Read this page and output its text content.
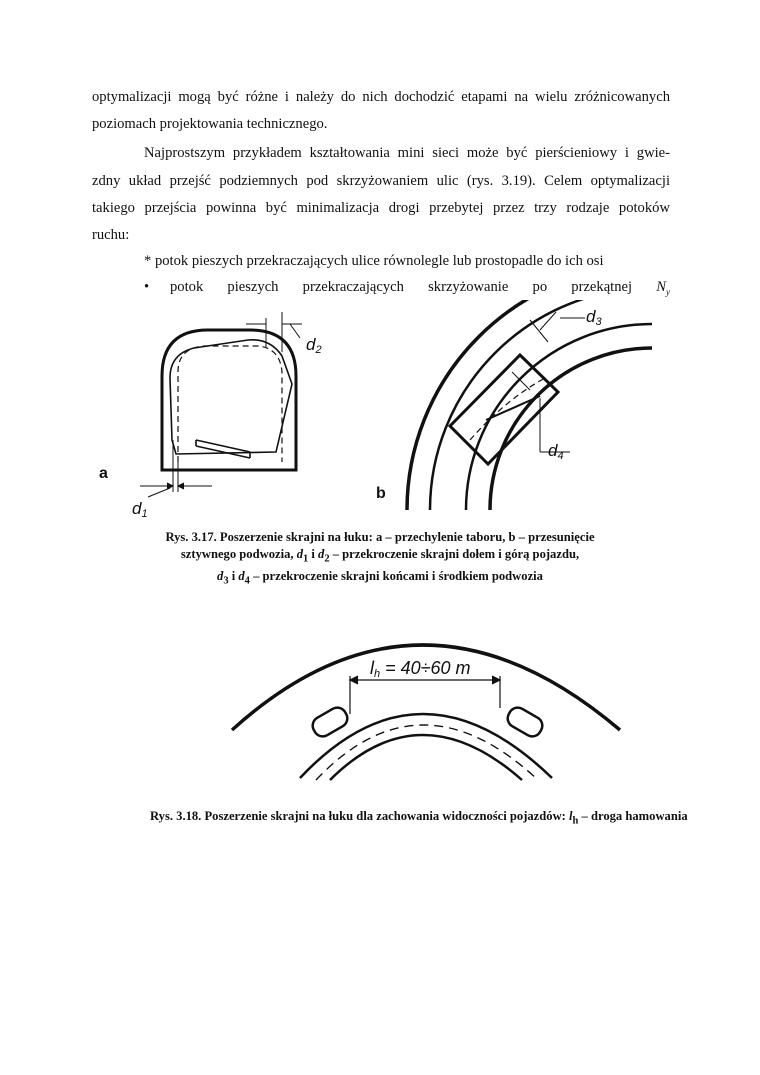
optymalizacji mogą być różne i należy do nich dochodzić etapami na wielu zróżnicowanych
poziomach projektowania technicznego.
Najprostszym przykładem kształtowania mini sieci może być pierścieniowy i gwie-
zdny układ przejść podziemnych pod skrzyżowaniem ulic (rys. 3.19). Celem optymalizacji
takiego przejścia powinna być minimalizacja drogi przebytej przez trzy rodzaje potoków
ruchu:
* potok pieszych przekraczających ulice równolegle lub prostopadle do ich osi
• potok pieszych przekraczających skrzyżowanie po przekątnej $N_y$
a
d1
d2
b
d3
d4
Rys. 3.17. Poszerzenie skrajni na łuku: a – przechylenie taboru, b – przesunięcie
sztywnego podwozia, $d_1$ i $d_2$ – przekroczenie skrajni dołem i górą pojazdu,
$d_3$ i $d_4$ – przekroczenie skrajni końcami i środkiem podwozia
lh = 40÷60 m
Rys. 3.18. Poszerzenie skrajni na łuku dla zachowania widoczności pojazdów: $l_h$ – droga hamowania
